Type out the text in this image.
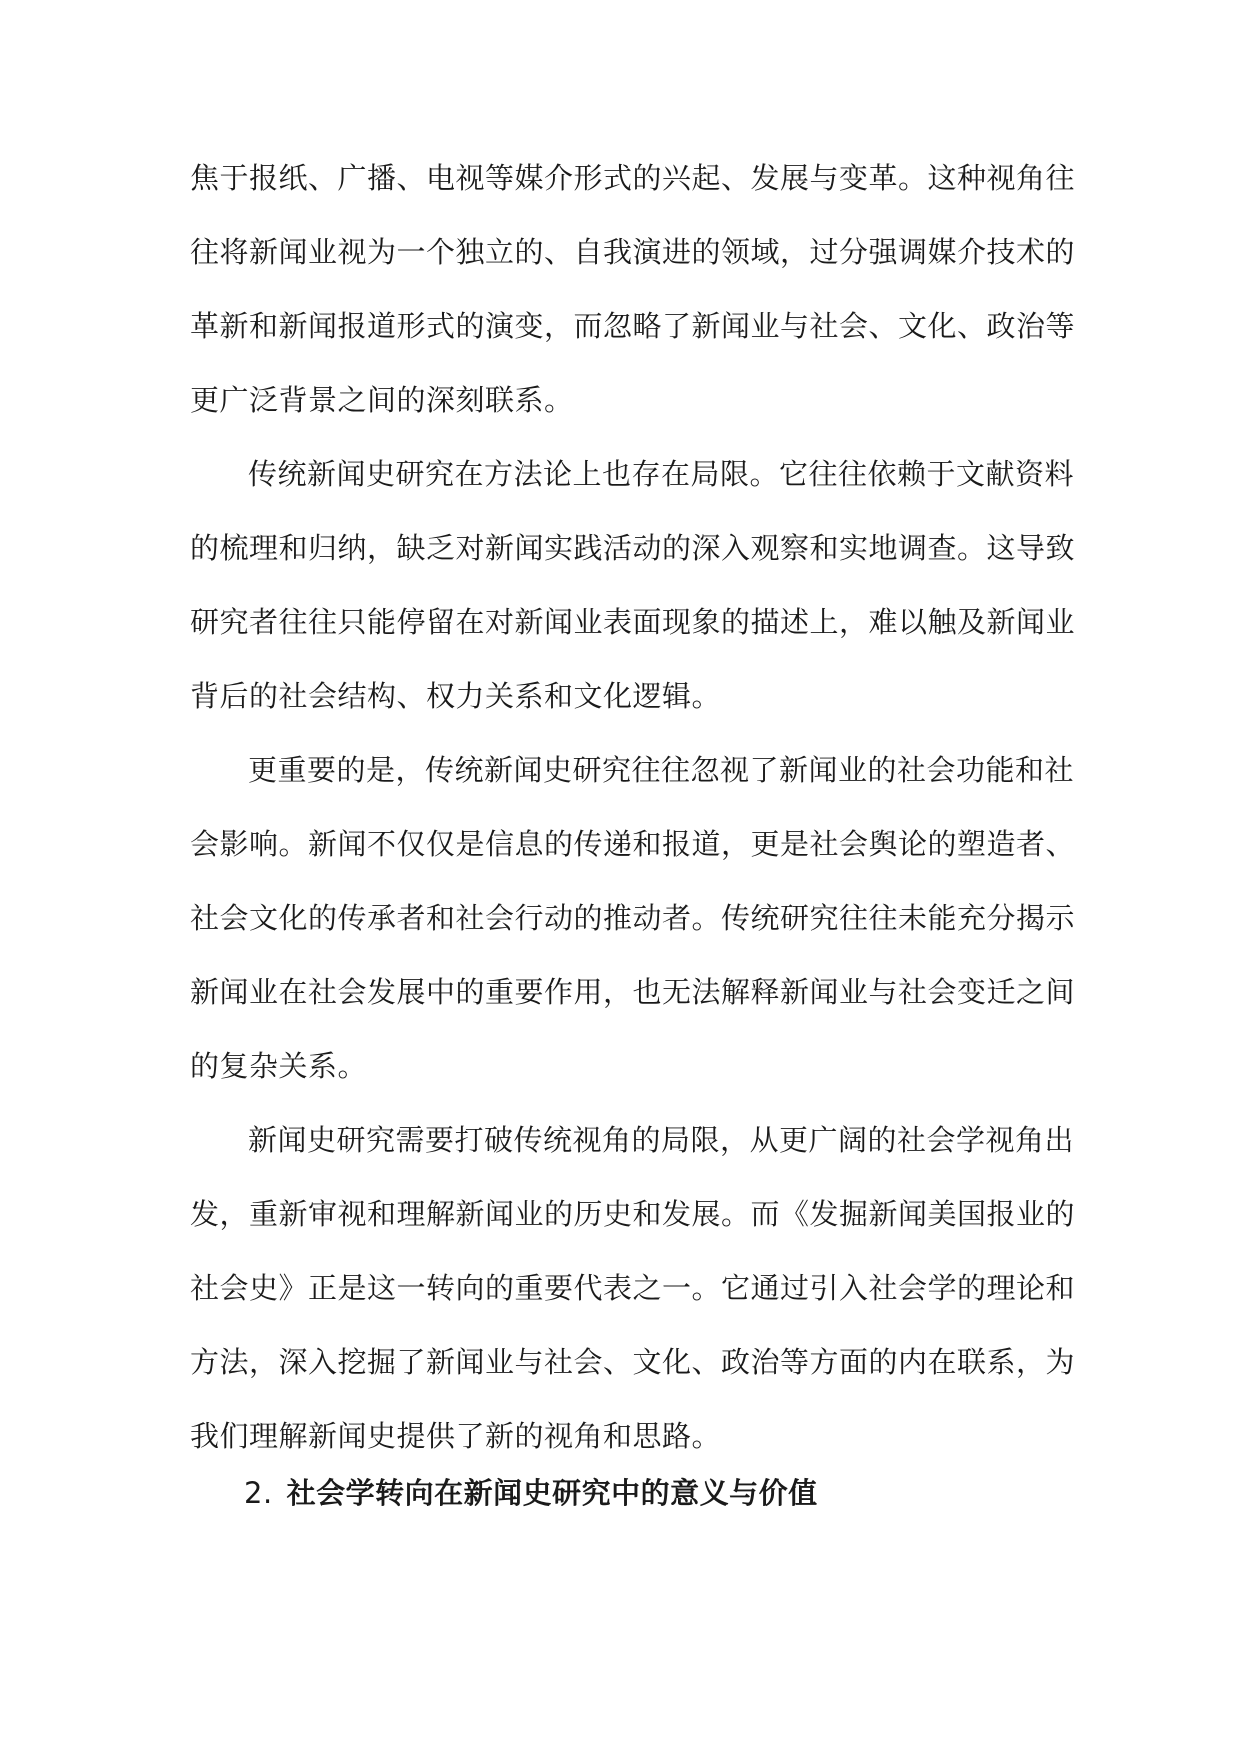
焦于报纸、广播、电视等媒介形式的兴起、发展与变革。这种视角往
往将新闻业视为一个独立的、自我演进的领域，过分强调媒介技术的
革新和新闻报道形式的演变，而忽略了新闻业与社会、文化、政治等
更广泛背景之间的深刻联系。
传统新闻史研究在方法论上也存在局限。它往往依赖于文献资料
的梳理和归纳，缺乏对新闻实践活动的深入观察和实地调查。这导致
研究者往往只能停留在对新闻业表面现象的描述上，难以触及新闻业
背后的社会结构、权力关系和文化逻辑。
更重要的是，传统新闻史研究往往忽视了新闻业的社会功能和社
会影响。新闻不仅仅是信息的传递和报道，更是社会舆论的塑造者、
社会文化的传承者和社会行动的推动者。传统研究往往未能充分揭示
新闻业在社会发展中的重要作用，也无法解释新闻业与社会变迁之间
的复杂关系。
新闻史研究需要打破传统视角的局限，从更广阔的社会学视角出
发，重新审视和理解新闻业的历史和发展。而《发掘新闻美国报业的
社会史》正是这一转向的重要代表之一。它通过引入社会学的理论和
方法，深入挖掘了新闻业与社会、文化、政治等方面的内在联系，为
我们理解新闻史提供了新的视角和思路。
2. 社会学转向在新闻史研究中的意义与价值
